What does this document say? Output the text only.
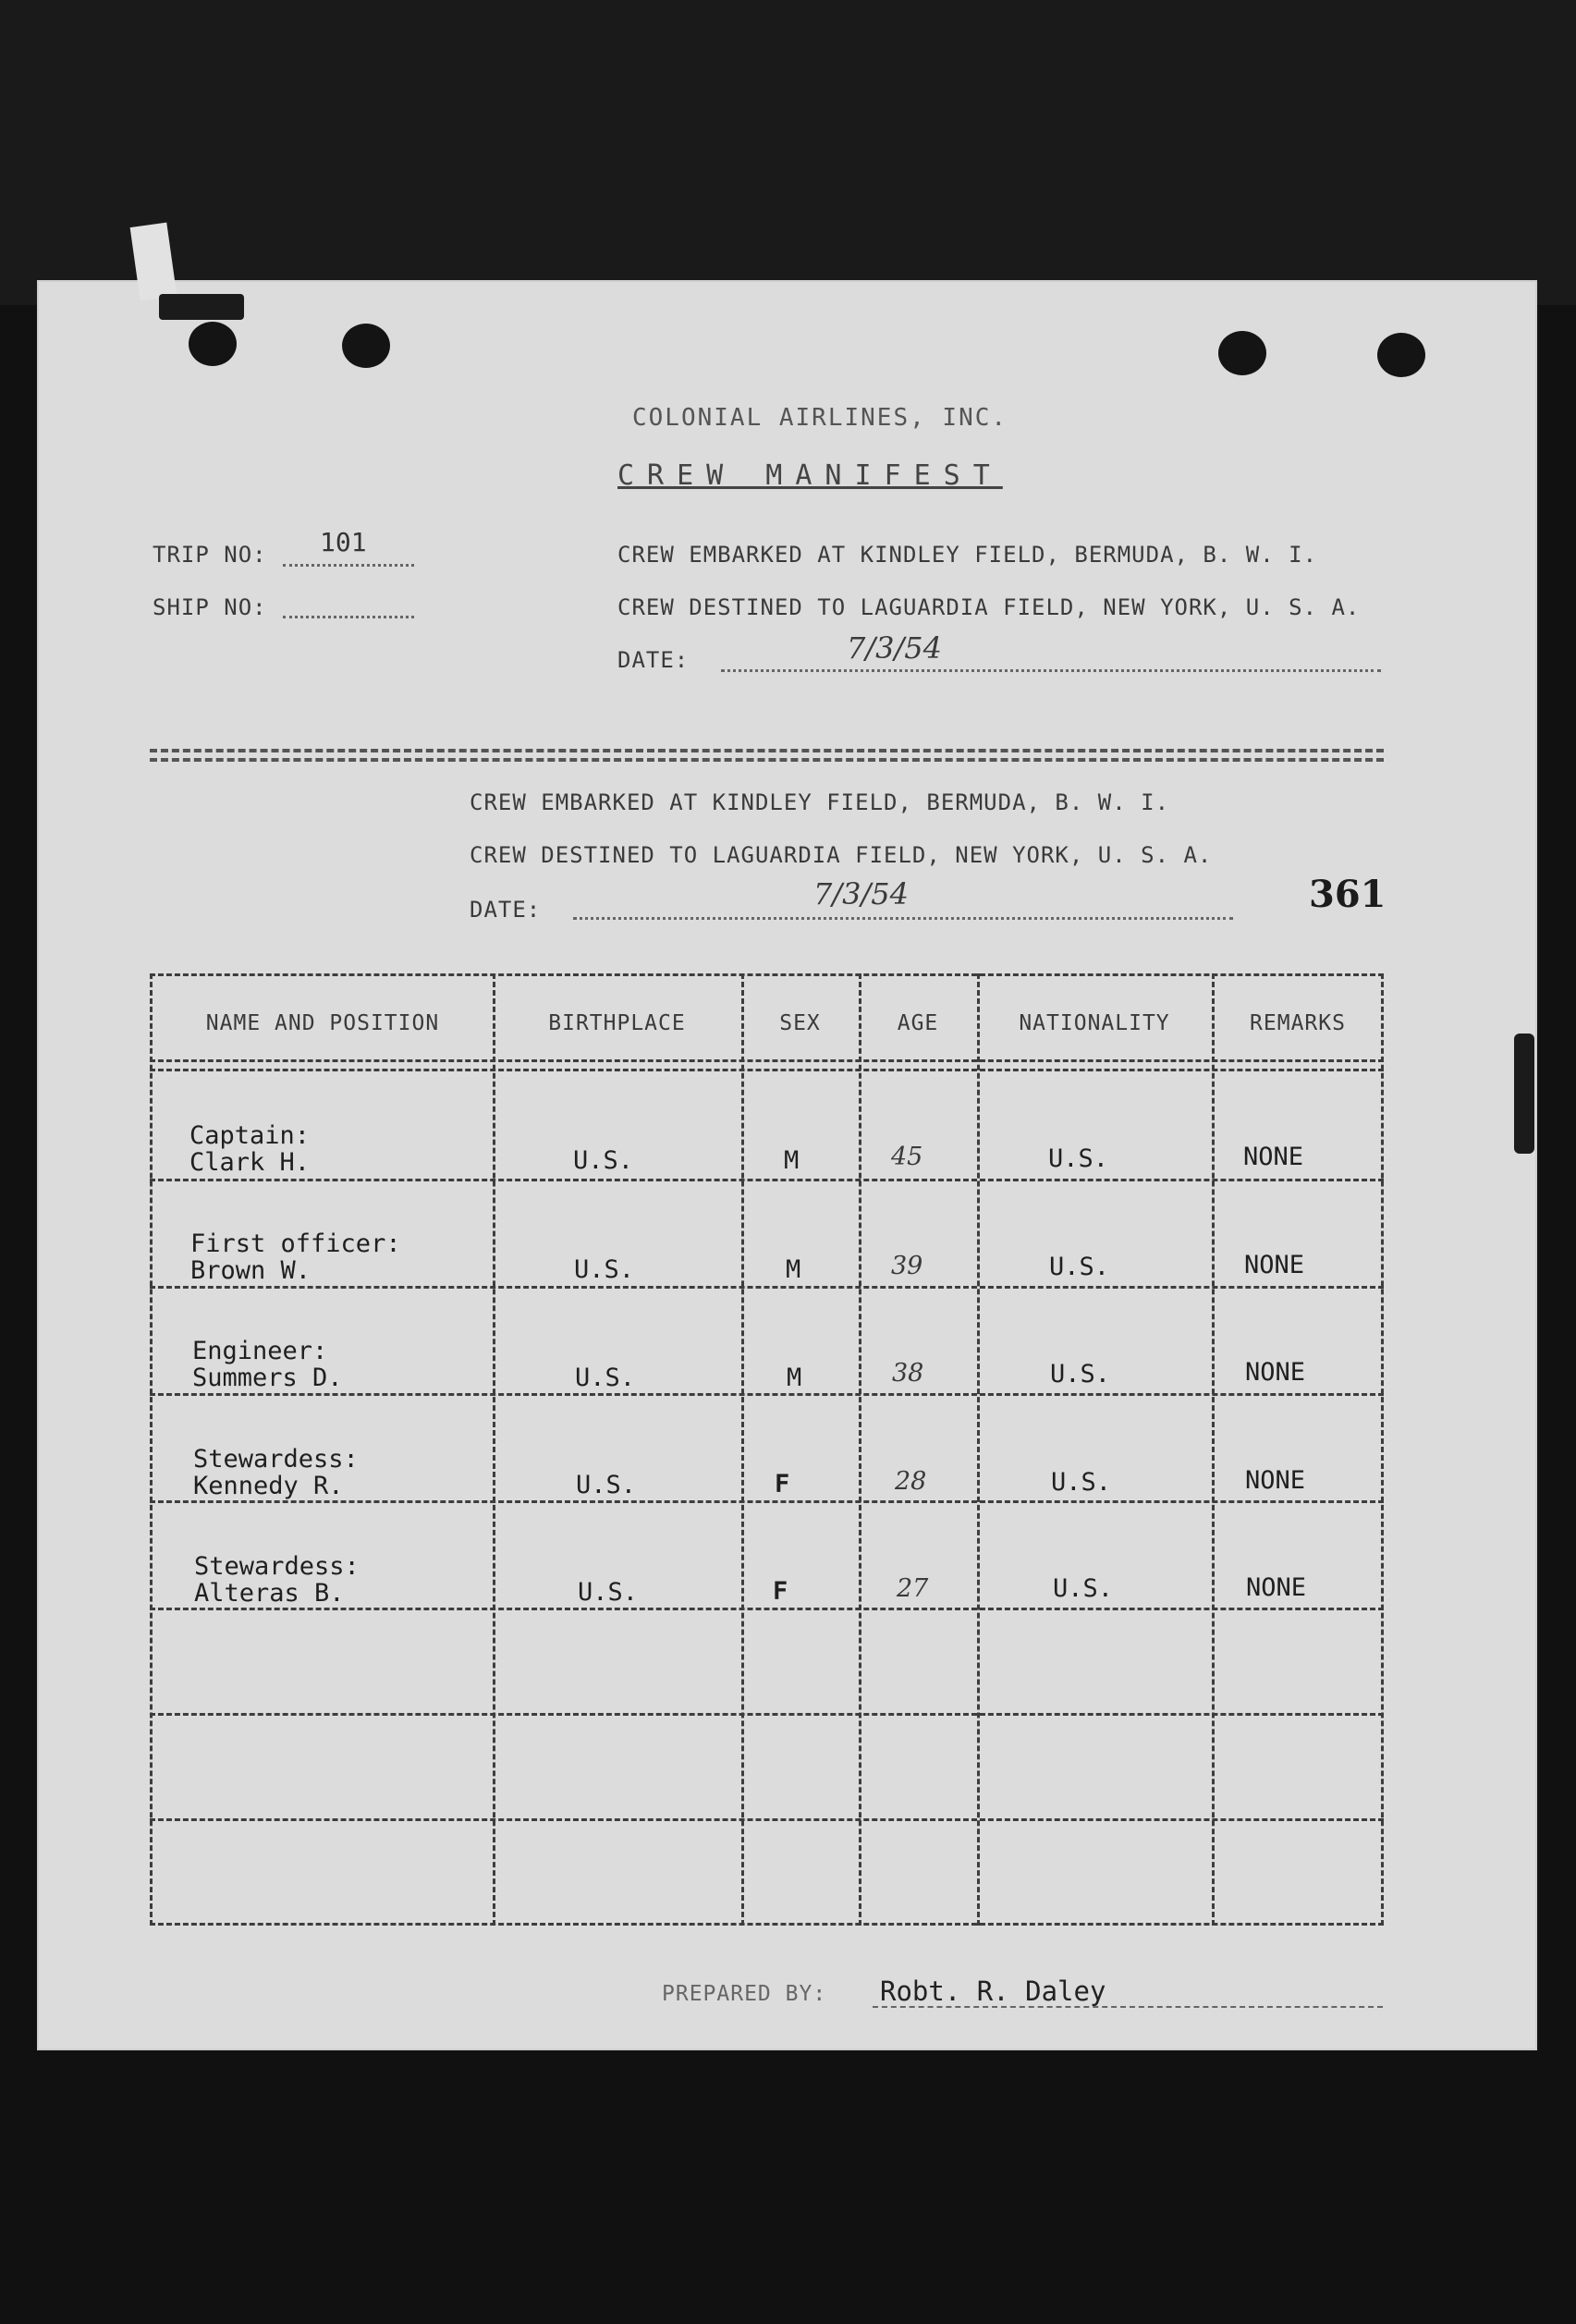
COLONIAL AIRLINES, INC.
CREW MANIFEST
TRIP NO: 101
SHIP NO:
CREW EMBARKED AT KINDLEY FIELD, BERMUDA, B. W. I.
CREW DESTINED TO LAGUARDIA FIELD, NEW YORK, U. S. A.
DATE:	7/3/54
CREW EMBARKED AT KINDLEY FIELD, BERMUDA, B. W. I.
CREW DESTINED TO LAGUARDIA FIELD, NEW YORK, U. S. A.
DATE:	7/3/54	361
NAME AND POSITION	BIRTHPLACE	SEX	AGE	NATIONALITY	REMARKS
Captain:
Clark H.	U.S.	M	45	U.S.	NONE
First officer:
Brown W.	U.S.	M	39	U.S.	NONE
Engineer:
Summers D.	U.S.	M	38	U.S.	NONE
Stewardess:
Kennedy R.	U.S.	F	28	U.S.	NONE
Stewardess:
Alteras B.	U.S.	F	27	U.S.	NONE
PREPARED BY: Robt. R. Daley
